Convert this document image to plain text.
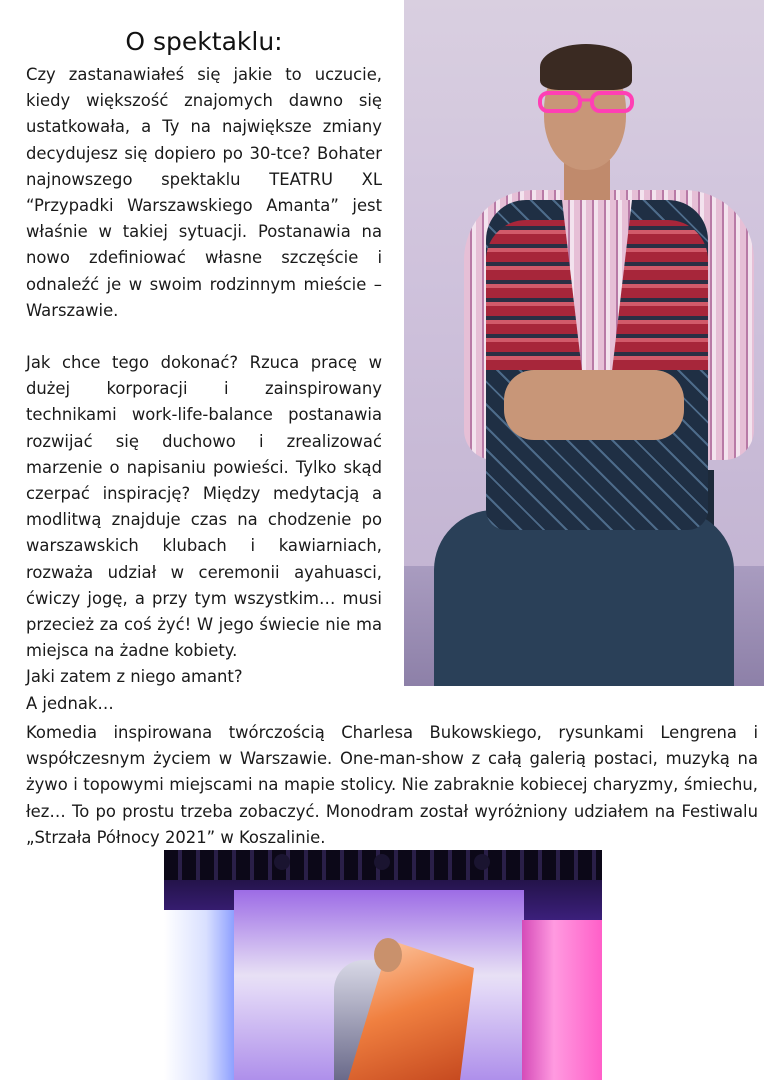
O spektaklu:

Czy zastanawiałeś się jakie to uczucie, kiedy większość znajomych dawno się ustatkowała, a Ty na największe zmiany decydujesz się dopiero po 30-tce? Bohater najnowszego spektaklu TEATRU XL “Przypadki Warszawskiego Amanta” jest właśnie w takiej sytuacji. Postanawia na nowo zdefiniować własne szczęście i odnaleźć je w swoim rodzinnym mieście – Warszawie.

Jak chce tego dokonać? Rzuca pracę w dużej korporacji i zainspirowany technikami work-life-balance postanawia rozwijać się duchowo i zrealizować marzenie o napisaniu powieści. Tylko skąd czerpać inspirację? Między medytacją a modlitwą znajduje czas na chodzenie po warszawskich klubach i kawiarniach, rozważa udział w ceremonii ayahuasci, ćwiczy jogę, a przy tym wszystkim… musi przecież za coś żyć! W jego świecie nie ma miejsca na żadne kobiety.

Jaki zatem z niego amant?

A jednak…

Komedia inspirowana twórczością Charlesa Bukowskiego, rysunkami Lengrena i współczesnym życiem w Warszawie. One-man-show z całą galerią postaci, muzyką na żywo i topowymi miejscami na mapie stolicy. Nie zabraknie kobiecej charyzmy, śmiechu, łez… To po prostu trzeba zobaczyć. Monodram został wyróżniony udziałem na Festiwalu „Strzała Północy 2021” w Koszalinie.
